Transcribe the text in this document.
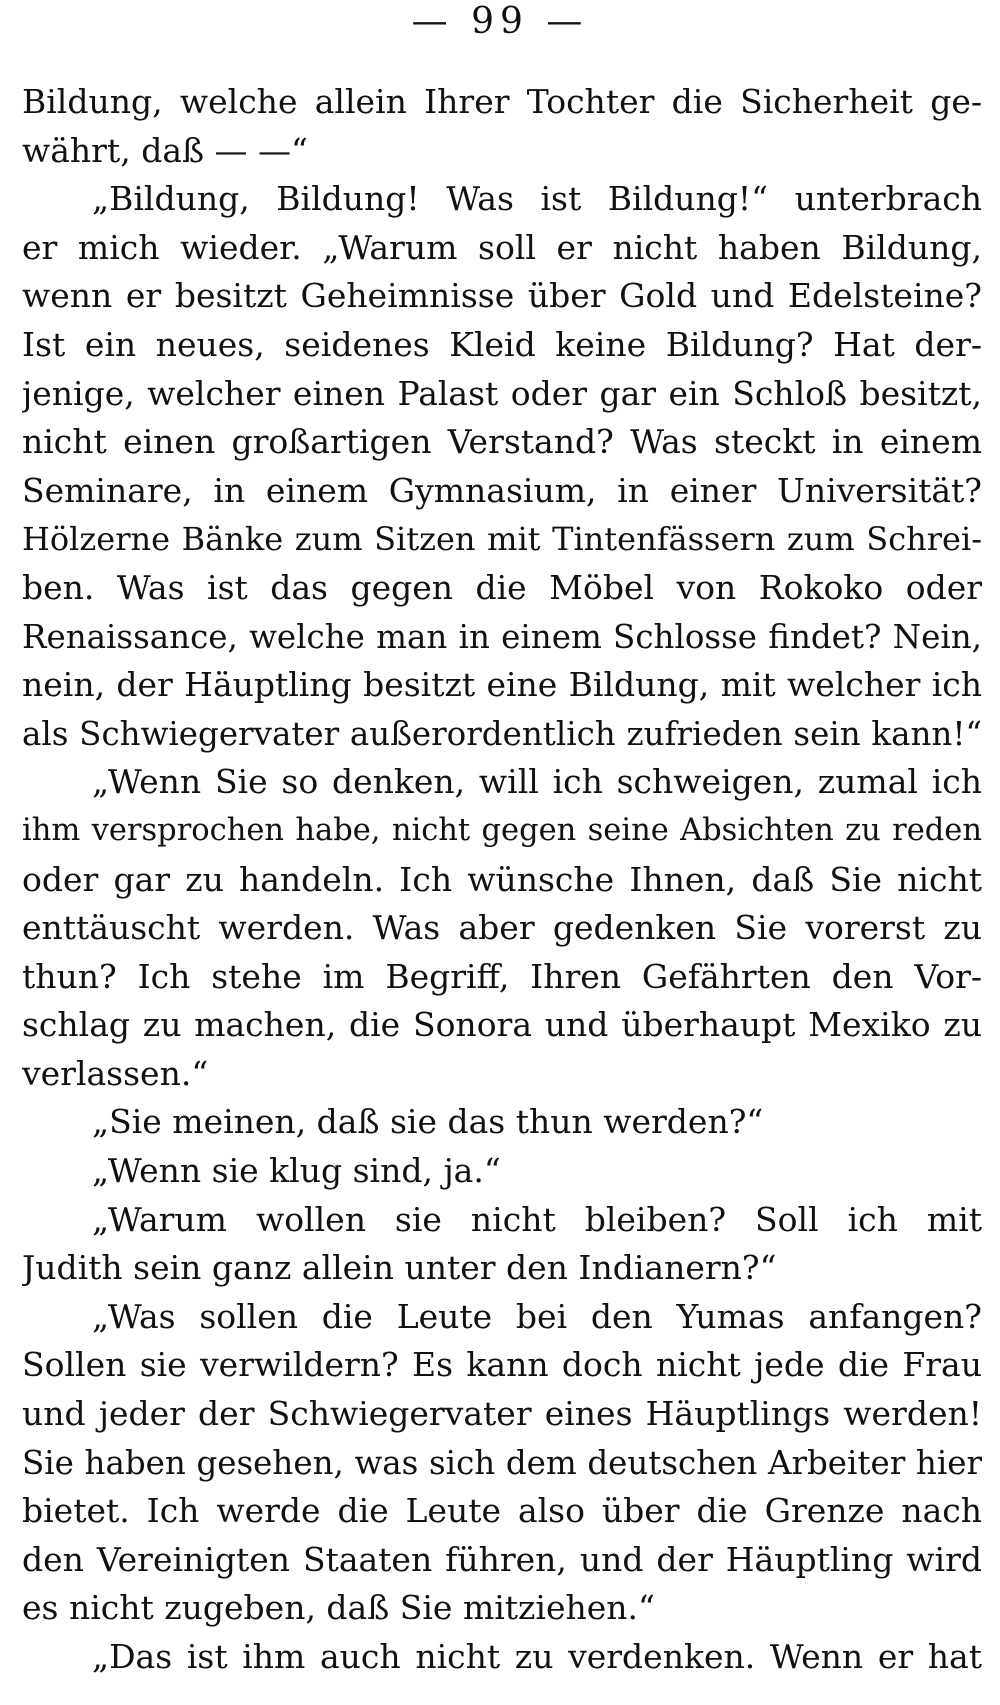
— 99 —
Bildung, welche allein Ihrer Tochter die Sicherheit ge-
währt, daß — —“
„Bildung, Bildung! Was ist Bildung!“ unterbrach
er mich wieder. „Warum soll er nicht haben Bildung,
wenn er besitzt Geheimnisse über Gold und Edelsteine?
Ist ein neues, seidenes Kleid keine Bildung? Hat der-
jenige, welcher einen Palast oder gar ein Schloß besitzt,
nicht einen großartigen Verstand? Was steckt in einem
Seminare, in einem Gymnasium, in einer Universität?
Hölzerne Bänke zum Sitzen mit Tintenfässern zum Schrei-
ben. Was ist das gegen die Möbel von Rokoko oder
Renaissance, welche man in einem Schlosse findet? Nein,
nein, der Häuptling besitzt eine Bildung, mit welcher ich
als Schwiegervater außerordentlich zufrieden sein kann!“
„Wenn Sie so denken, will ich schweigen, zumal ich
ihm versprochen habe, nicht gegen seine Absichten zu reden
oder gar zu handeln. Ich wünsche Ihnen, daß Sie nicht
enttäuscht werden. Was aber gedenken Sie vorerst zu
thun? Ich stehe im Begriff, Ihren Gefährten den Vor-
schlag zu machen, die Sonora und überhaupt Mexiko zu
verlassen.“
„Sie meinen, daß sie das thun werden?“
„Wenn sie klug sind, ja.“
„Warum wollen sie nicht bleiben? Soll ich mit
Judith sein ganz allein unter den Indianern?“
„Was sollen die Leute bei den Yumas anfangen?
Sollen sie verwildern? Es kann doch nicht jede die Frau
und jeder der Schwiegervater eines Häuptlings werden!
Sie haben gesehen, was sich dem deutschen Arbeiter hier
bietet. Ich werde die Leute also über die Grenze nach
den Vereinigten Staaten führen, und der Häuptling wird
es nicht zugeben, daß Sie mitziehen.“
„Das ist ihm auch nicht zu verdenken. Wenn er hat
